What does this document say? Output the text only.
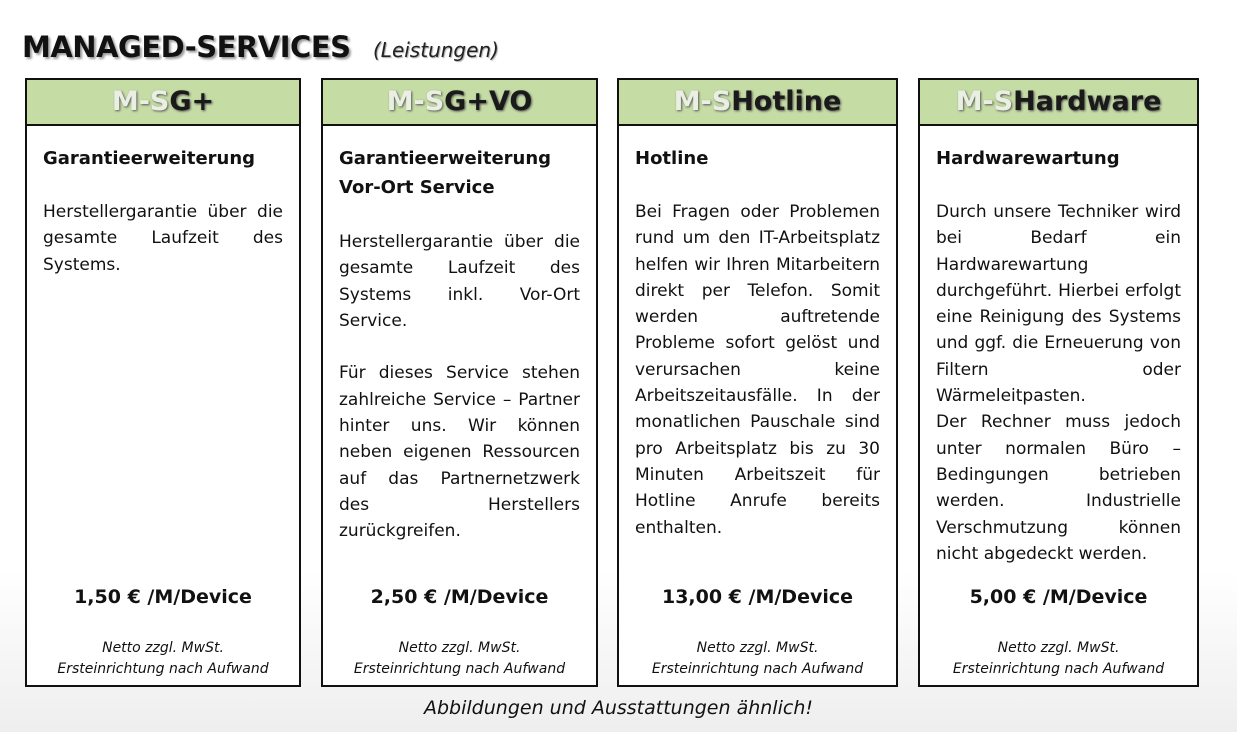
MANAGED-SERVICES (Leistungen)
M-SG+
Garantieerweiterung
Herstellergarantie über die gesamte Laufzeit des Systems.
1,50 € /M/Device
Netto zzgl. MwSt.
Ersteinrichtung nach Aufwand
M-SG+VO
Garantieerweiterung Vor-Ort Service
Herstellergarantie über die gesamte Laufzeit des Systems inkl. Vor-Ort Service.

Für dieses Service stehen zahlreiche Service – Partner hinter uns. Wir können neben eigenen Ressourcen auf das Partnernetzwerk des Herstellers zurückgreifen.
2,50 € /M/Device
Netto zzgl. MwSt.
Ersteinrichtung nach Aufwand
M-SHotline
Hotline
Bei Fragen oder Problemen rund um den IT-Arbeitsplatz helfen wir Ihren Mitarbeitern direkt per Telefon. Somit werden auftretende Probleme sofort gelöst und verursachen keine Arbeitszeitausfälle. In der monatlichen Pauschale sind pro Arbeitsplatz bis zu 30 Minuten Arbeitszeit für Hotline Anrufe bereits enthalten.
13,00 € /M/Device
Netto zzgl. MwSt.
Ersteinrichtung nach Aufwand
M-SHardware
Hardwarewartung
Durch unsere Techniker wird bei Bedarf ein Hardwarewartung durchgeführt. Hierbei erfolgt eine Reinigung des Systems und ggf. die Erneuerung von Filtern oder Wärmeleitpasten.
Der Rechner muss jedoch unter normalen Büro – Bedingungen betrieben werden. Industrielle Verschmutzung können nicht abgedeckt werden.
5,00 € /M/Device
Netto zzgl. MwSt.
Ersteinrichtung nach Aufwand
Abbildungen und Ausstattungen ähnlich!
